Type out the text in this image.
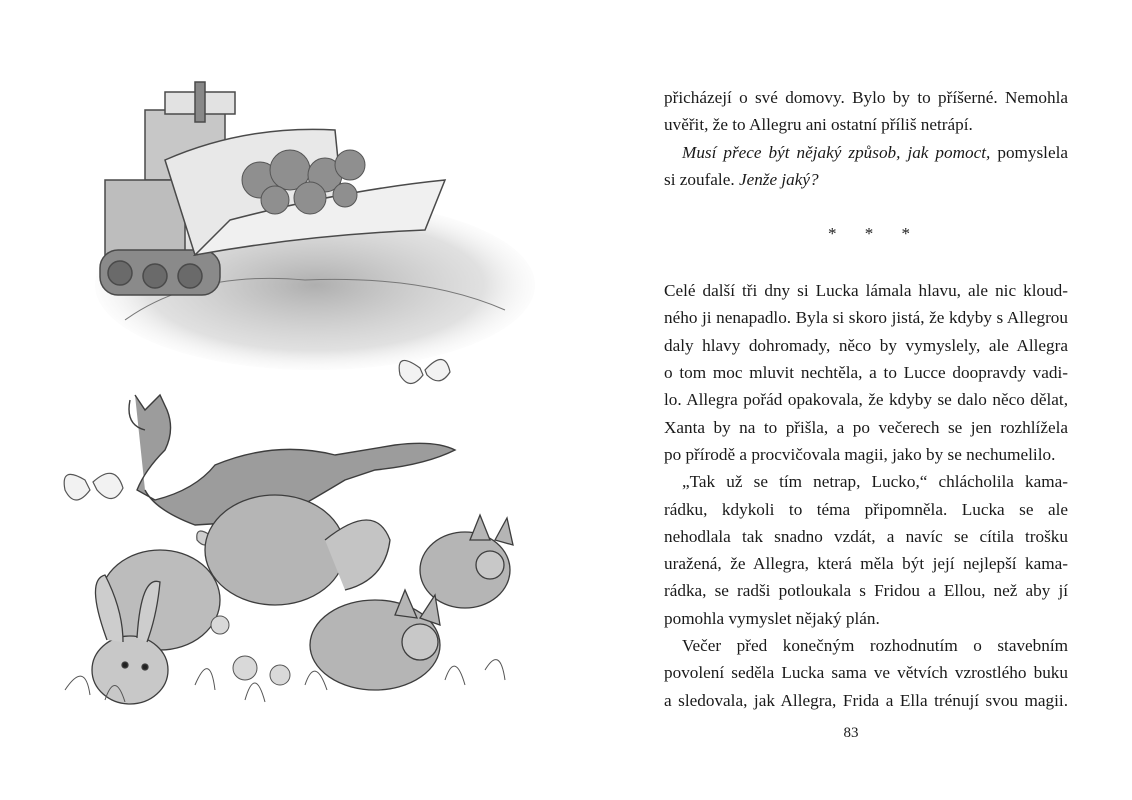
přicházejí o své domovy. Bylo by to příšerné. Nemohla
uvěřit, že to Allegru ani ostatní příliš netrápí.

Musí přece být nějaký způsob, jak pomoct, pomyslela
si zoufale. Jenže jaký?

* * *

Celé další tři dny si Lucka lámala hlavu, ale nic kloud-
ného ji nenapadlo. Byla si skoro jistá, že kdyby s Allegrou
daly hlavy dohromady, něco by vymyslely, ale Allegra
o tom moc mluvit nechtěla, a to Lucce doopravdy vadi-
lo. Allegra pořád opakovala, že kdyby se dalo něco dělat,
Xanta by na to přišla, a po večerech se jen rozhlížela
po přírodě a procvičovala magii, jako by se nechumelilo.

„Tak už se tím netrap, Lucko,“ chlácholila kama-
rádku, kdykoli to téma připomněla. Lucka se ale
nehodlala tak snadno vzdát, a navíc se cítila trošku
uražená, že Allegra, která měla být její nejlepší kama-
rádka, se radši potloukala s Fridou a Ellou, než aby jí
pomohla vymyslet nějaký plán.

Večer před konečným rozhodnutím o stavebním
povolení seděla Lucka sama ve větvích vzrostlého buku
a sledovala, jak Allegra, Frida a Ella trénují svou magii.

83
